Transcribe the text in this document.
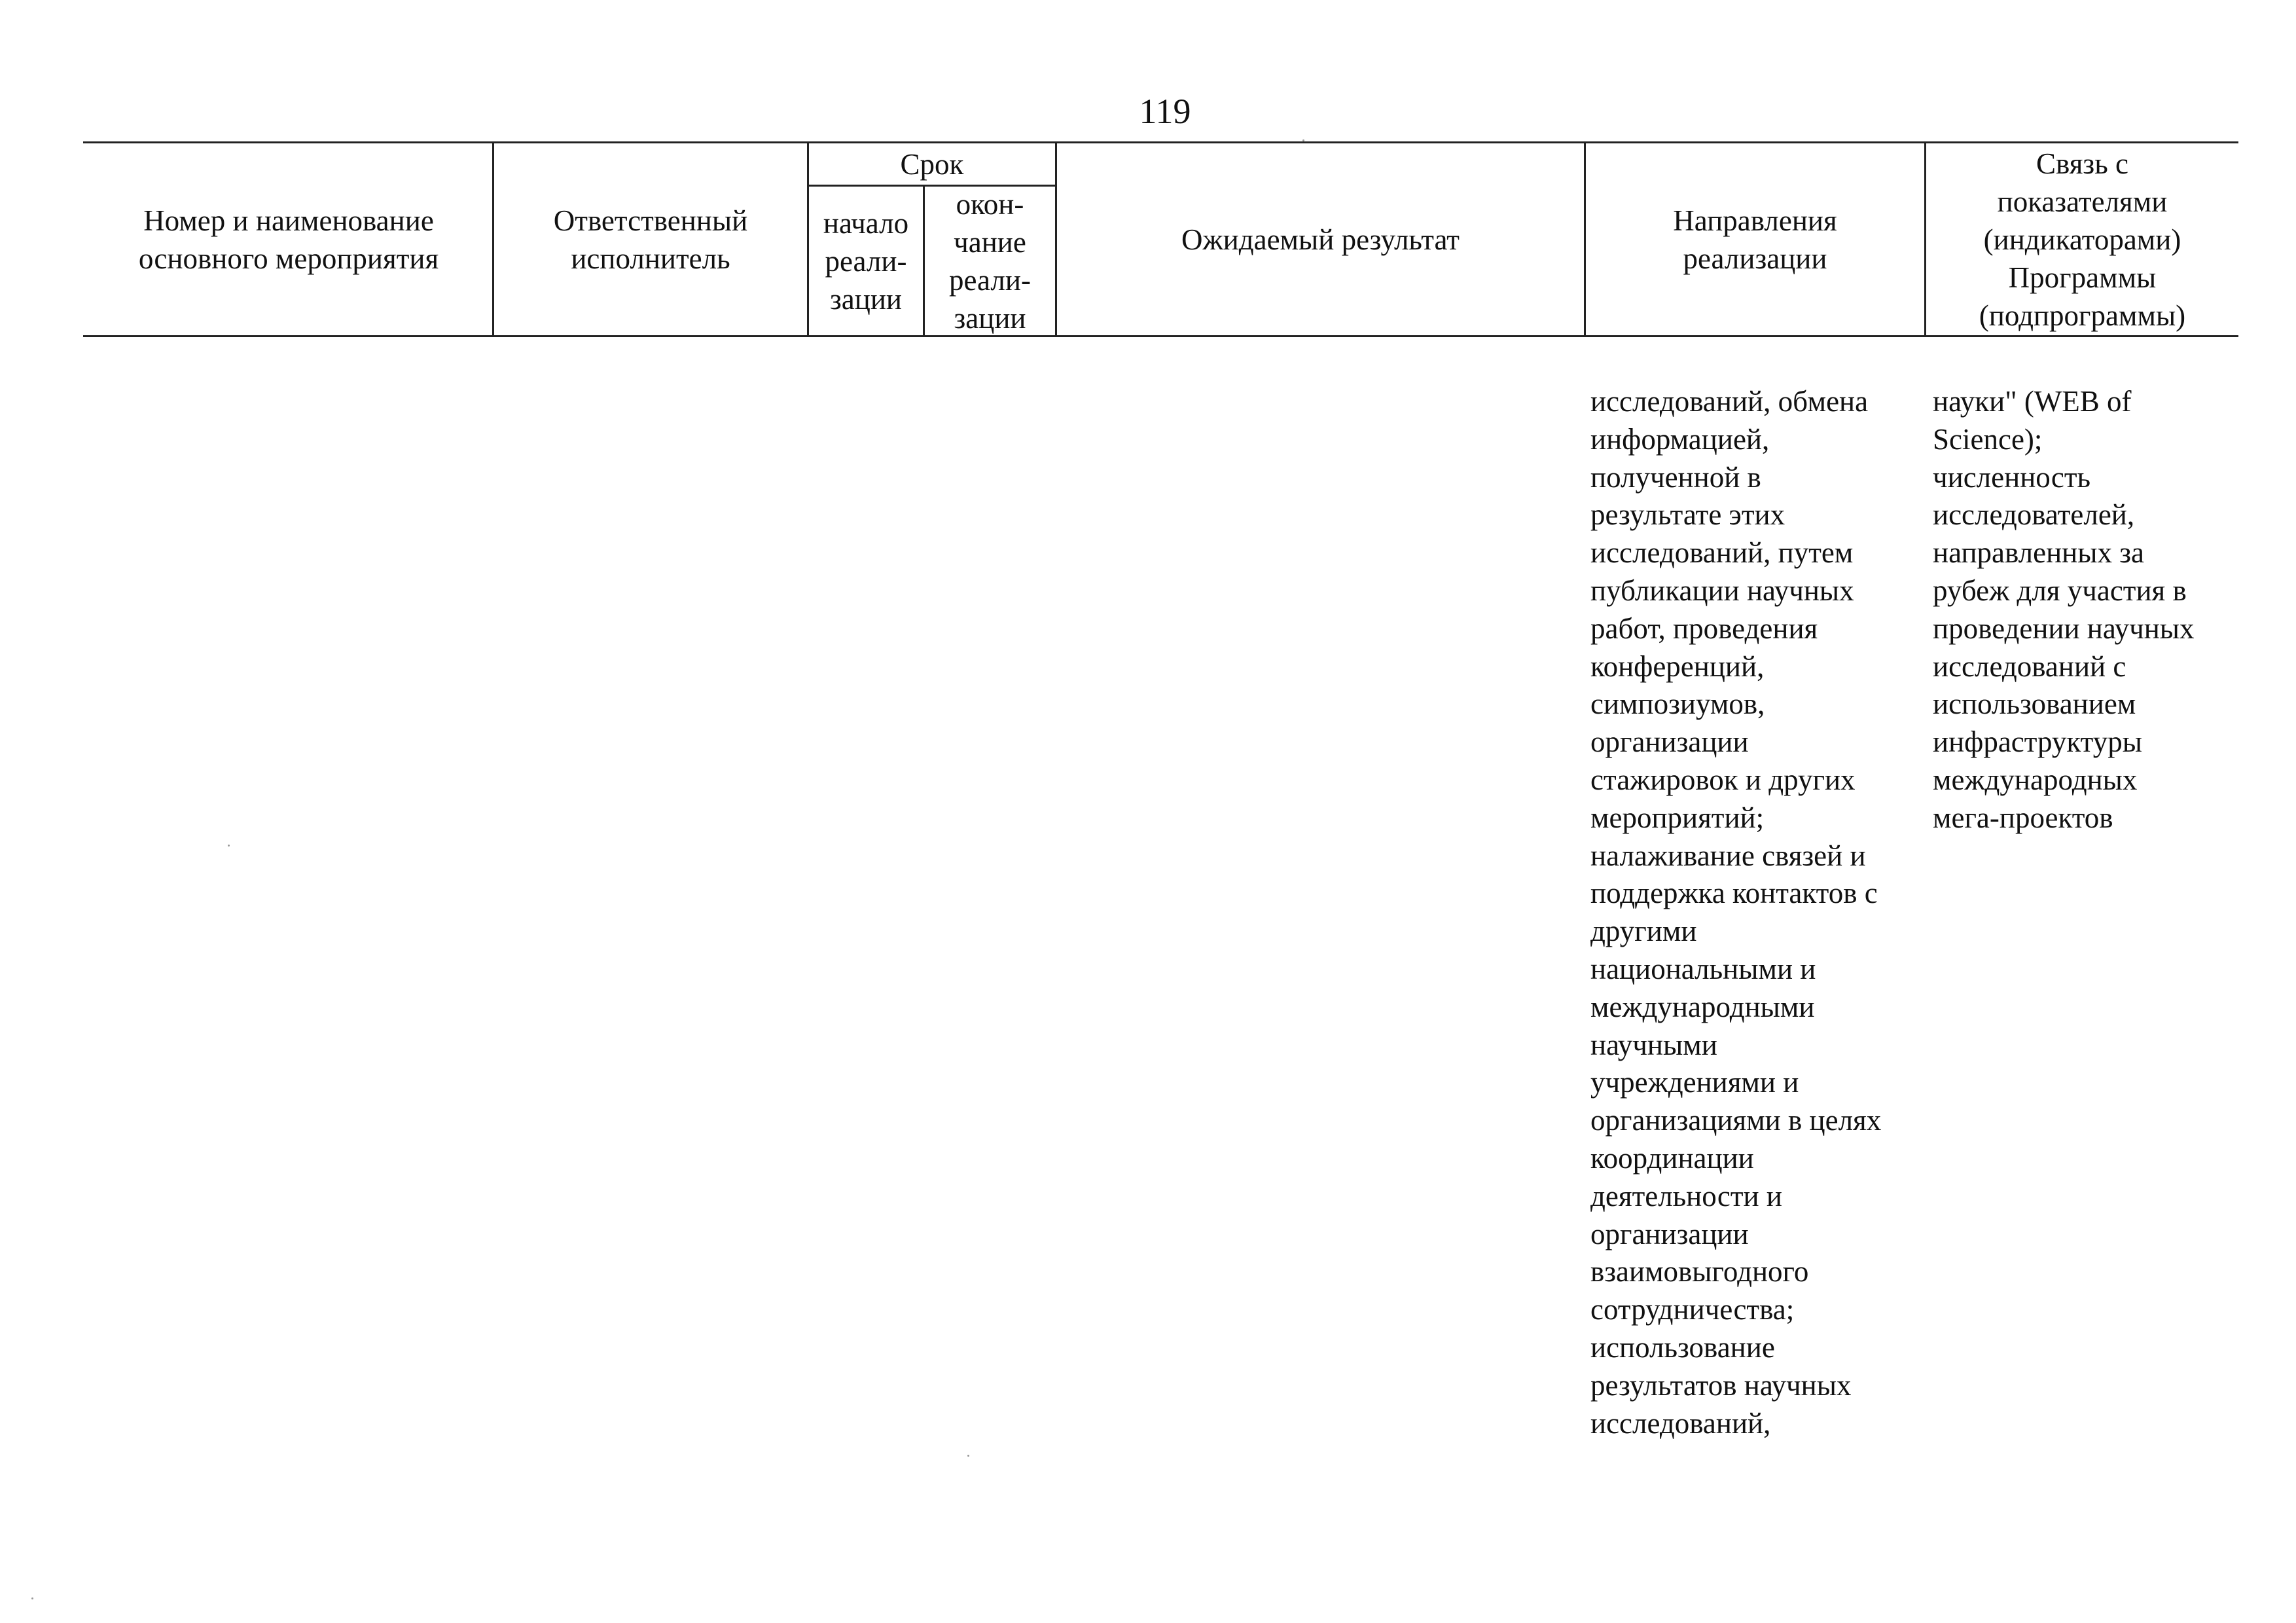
119
Номер и наименование
основного мероприятия
Ответственный
исполнитель
Срок
начало
реали-
зации
окон-
чание
реали-
зации
Ожидаемый результат
Направления
реализации
Связь с
показателями
(индикаторами)
Программы
(подпрограммы)
исследований, обмена
информацией,
полученной в
результате этих
исследований, путем
публикации научных
работ, проведения
конференций,
симпозиумов,
организации
стажировок и других
мероприятий;
налаживание связей и
поддержка контактов с
другими
национальными и
международными
научными
учреждениями и
организациями в целях
координации
деятельности и
организации
взаимовыгодного
сотрудничества;
использование
результатов научных
исследований,
науки" (WEB of
Science);
численность
исследователей,
направленных за
рубеж для участия в
проведении научных
исследований с
использованием
инфраструктуры
международных
мега-проектов
